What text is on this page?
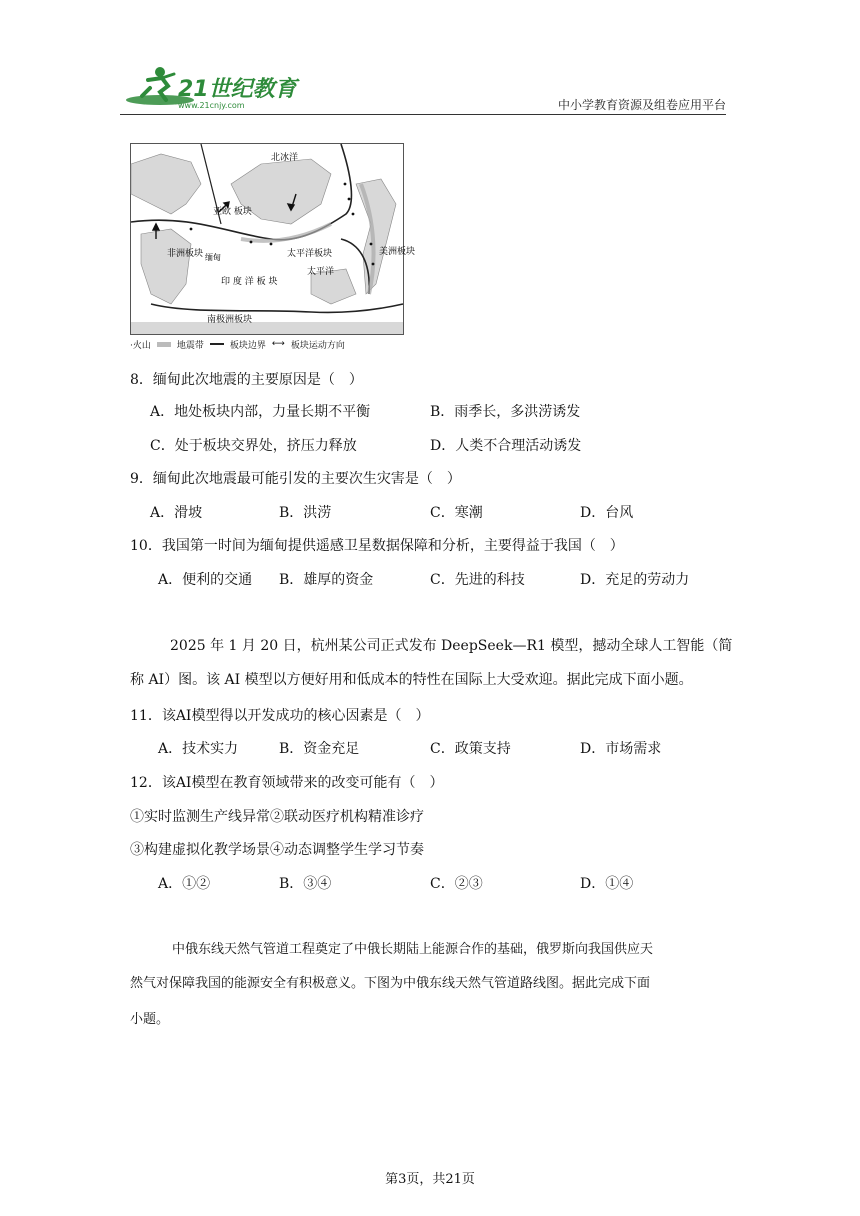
21世纪教育
www.21cnjy.com	中小学教育资源及组卷应用平台
北冰洋
亚欧 板块
太平洋板块
太平洋
印 度 洋 板 块
非洲板块
南极洲板块
缅甸
美洲板块
·火山	地震带	板块边界 ⟷ 板块运动方向
8．缅甸此次地震的主要原因是（　）
A．地处板块内部，力量长期不平衡	B．雨季长，多洪涝诱发
C．处于板块交界处，挤压力释放	D．人类不合理活动诱发
9．缅甸此次地震最可能引发的主要次生灾害是（　）
A．滑坡	B．洪涝	C．寒潮	D．台风
10．我国第一时间为缅甸提供遥感卫星数据保障和分析，主要得益于我国（　）
A．便利的交通 B．雄厚的资金	C．先进的科技	D．充足的劳动力
2025 年 1 月 20 日，杭州某公司正式发布 DeepSeek—R1 模型，撼动全球人工智能（简
称 AI）图。该 AI 模型以方便好用和低成本的特性在国际上大受欢迎。据此完成下面小题。
11．该AI模型得以开发成功的核心因素是（　）
A．技术实力	B．资金充足	C．政策支持	D．市场需求
12．该AI模型在教育领域带来的改变可能有（　）
①实时监测生产线异常②联动医疗机构精准诊疗
③构建虚拟化教学场景④动态调整学生学习节奏
A．①②	B．③④	C．②③	D．①④
中俄东线天然气管道工程奠定了中俄长期陆上能源合作的基础，俄罗斯向我国供应天
然气对保障我国的能源安全有积极意义。下图为中俄东线天然气管道路线图。据此完成下面
小题。
第3页，共21页
